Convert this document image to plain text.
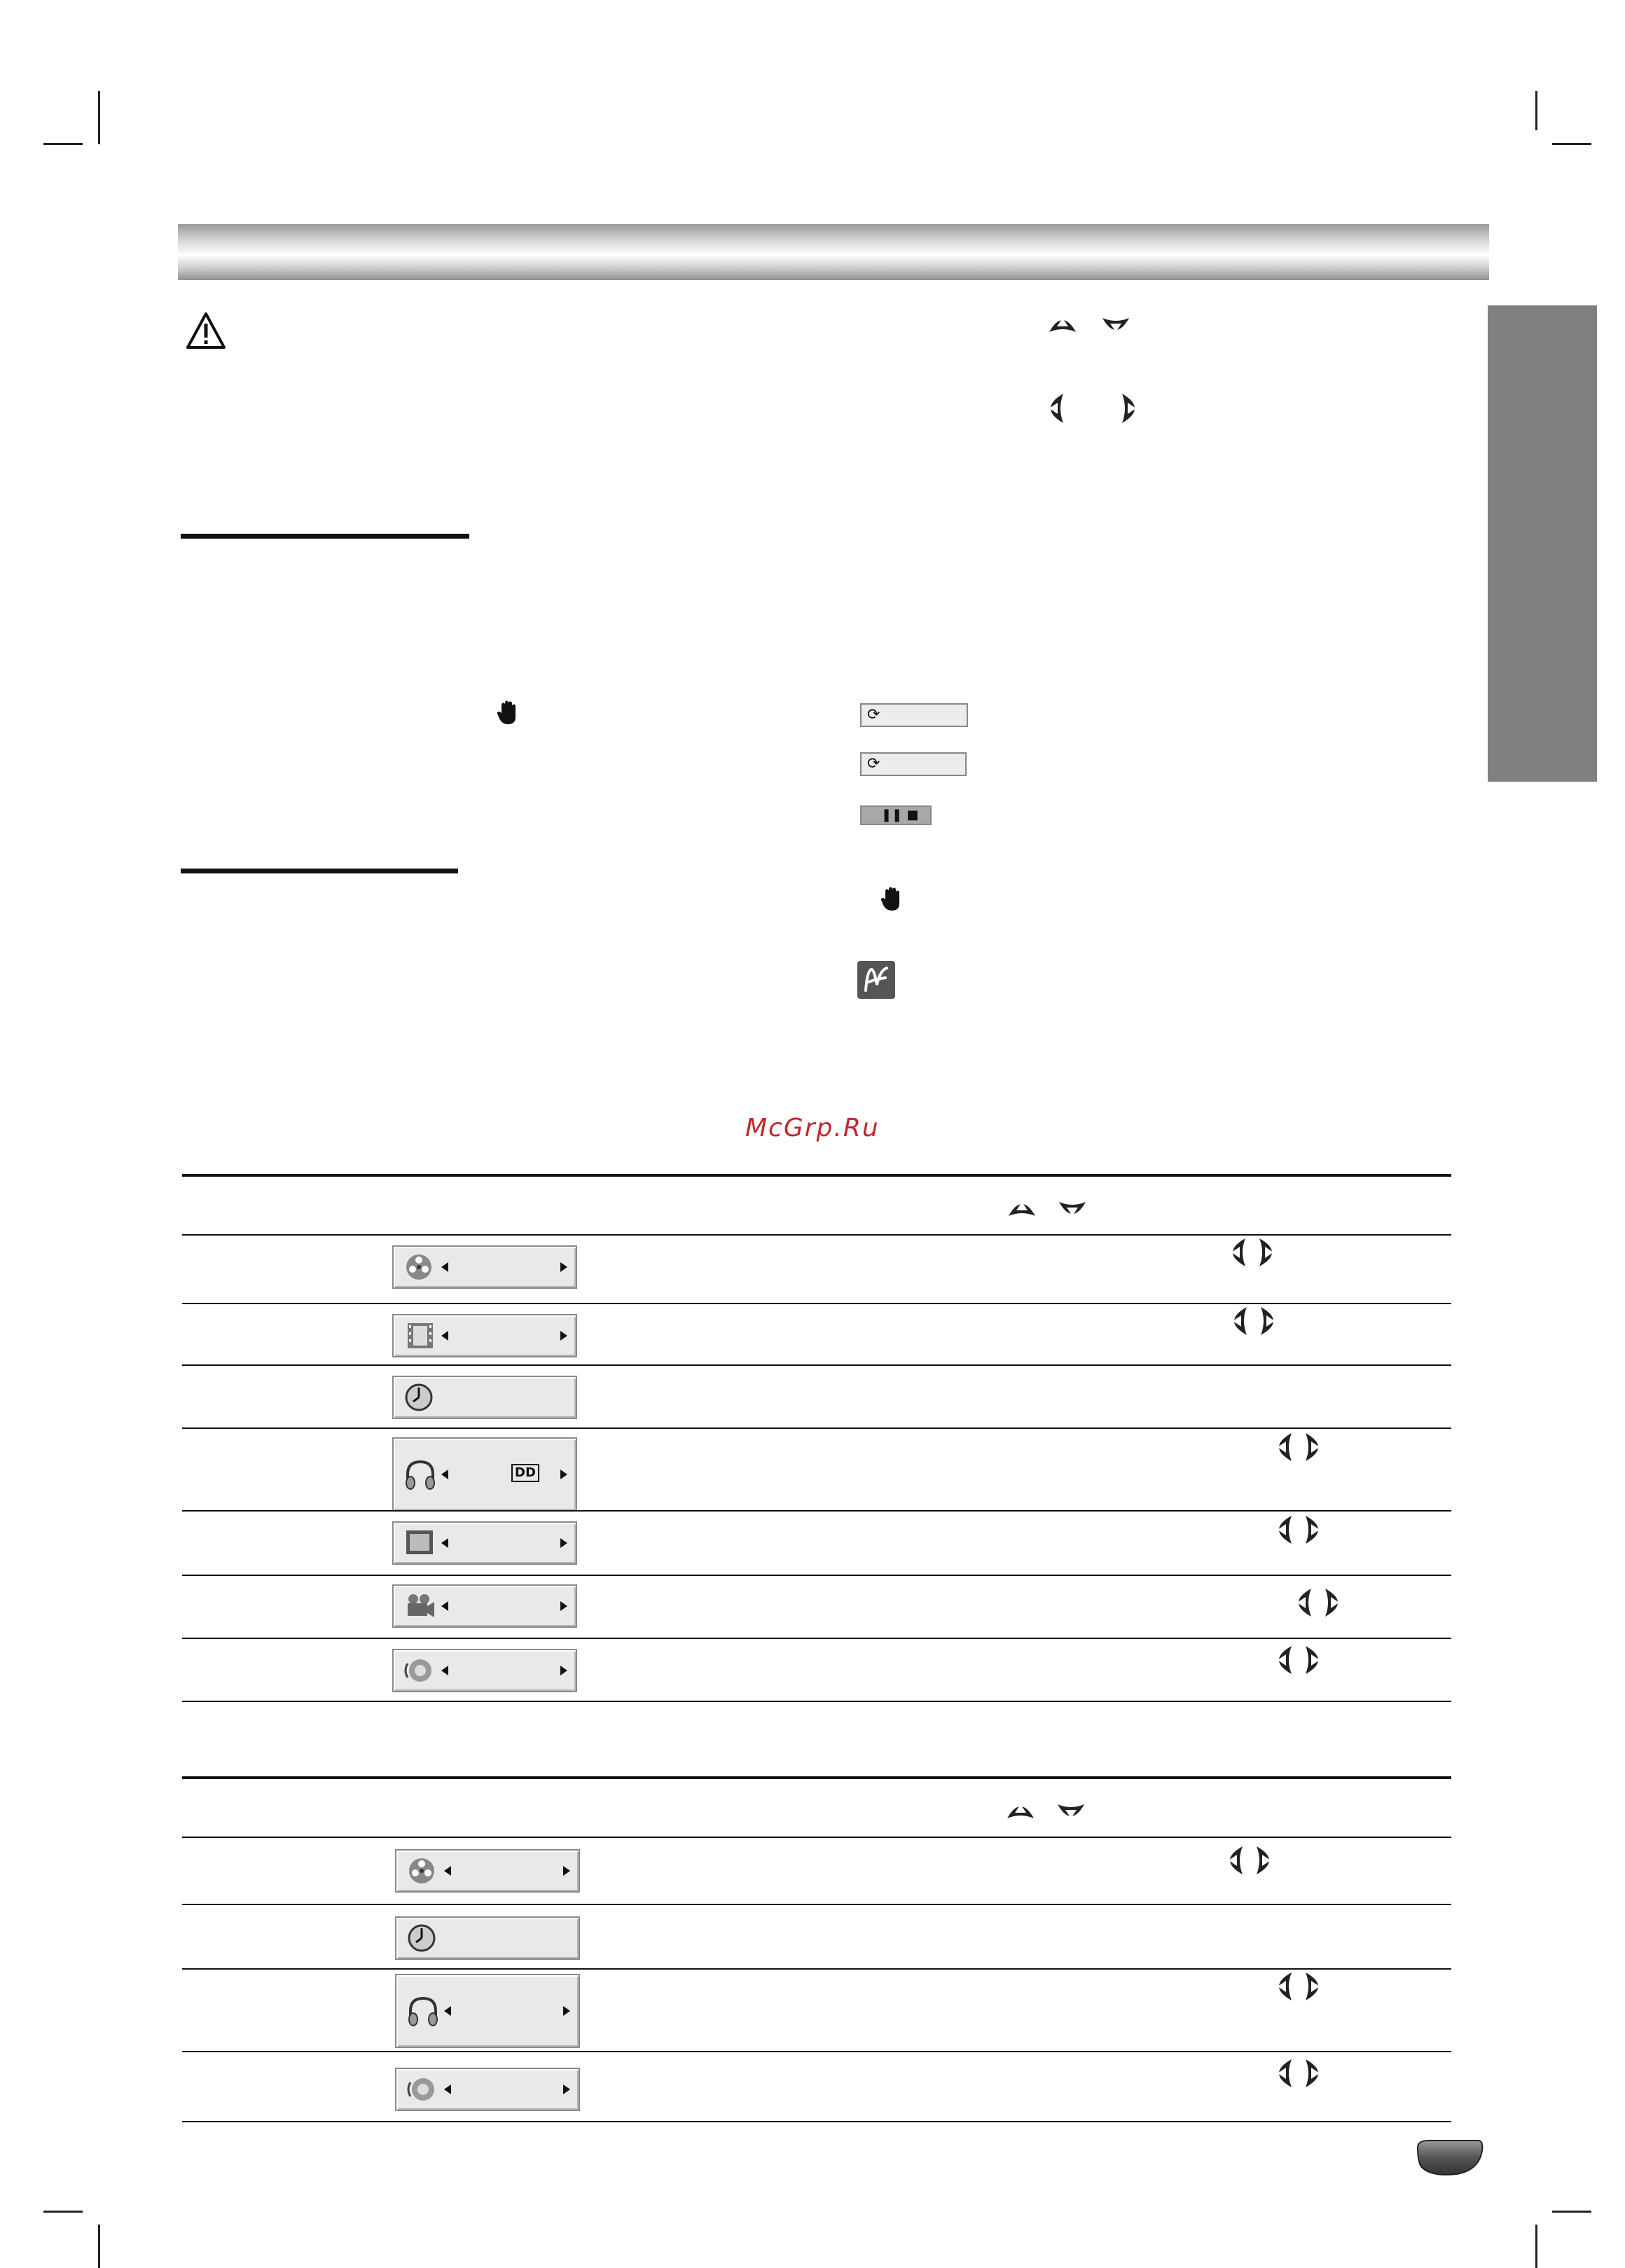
⟳
⟳
❚❚ ■
McGrp.Ru
DD
